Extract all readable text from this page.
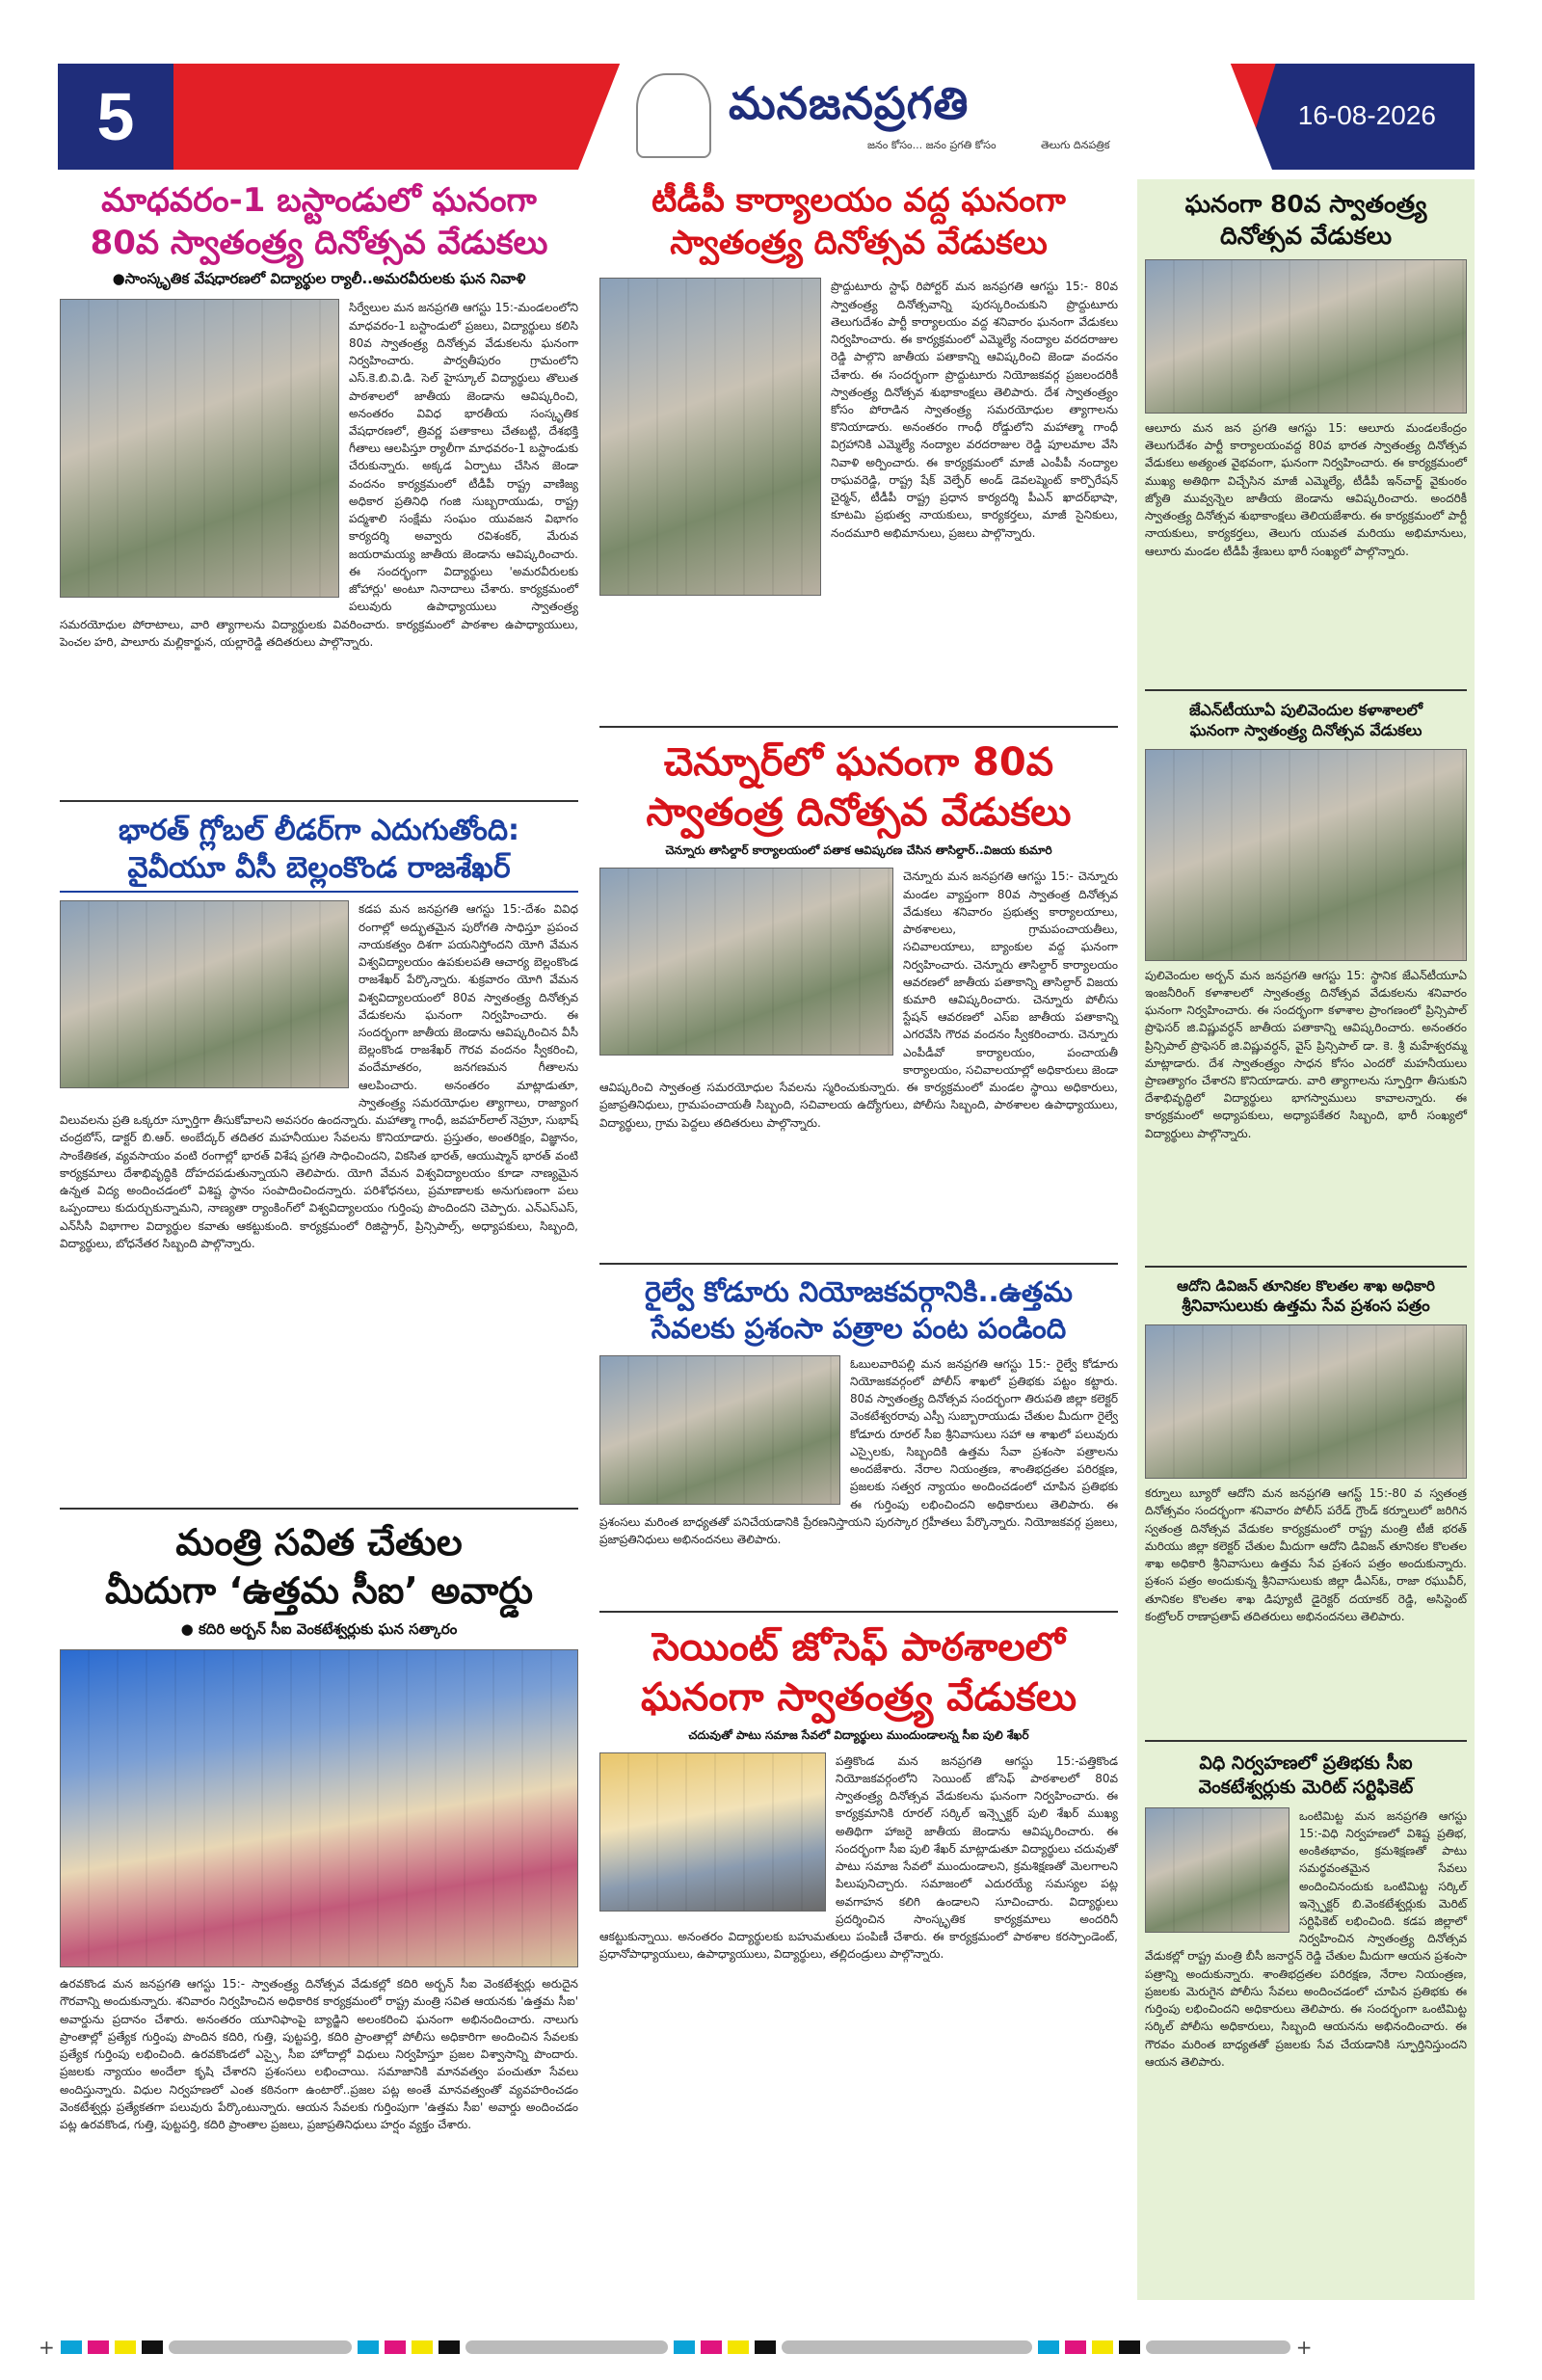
5	మనజనప్రగతి
జనం కోసం... జనం ప్రగతి కోసం	తెలుగు దినపత్రిక
16-08-2026
మాధవరం-1 బస్టాండులో ఘనంగా
80వ స్వాతంత్ర్య దినోత్సవ వేడుకలు
●సాంస్కృతిక వేషధారణలో విద్యార్థుల ర్యాలీ..అమరవీరులకు ఘన నివాళి
సిర్వేలుల మన జనప్రగతి ఆగస్టు 15:-మండలంలోని మాధవరం-1 బస్టాండులో ప్రజలు, విద్యార్థులు కలిసి 80వ స్వాతంత్ర్య దినోత్సవ వేడుకలను ఘనంగా నిర్వహించారు. పార్వతీపురం గ్రామంలోని ఎస్.కె.బి.వి.డి. సెల్ హైస్కూల్ విద్యార్థులు తొలుత పాఠశాలలో జాతీయ జెండాను ఆవిష్కరించి, అనంతరం వివిధ భారతీయ సంస్కృతిక వేషధారణలో, త్రివర్ణ పతాకాలు చేతబట్టి, దేశభక్తి గీతాలు ఆలపిస్తూ ర్యాలీగా మాధవరం-1 బస్టాండుకు చేరుకున్నారు. అక్కడ ఏర్పాటు చేసిన జెండా వందనం కార్యక్రమంలో టీడీపీ రాష్ట్ర వాణిజ్య అధికార ప్రతినిధి గంజి సుబ్బరాయుడు, రాష్ట్ర పద్మశాలి సంక్షేమ సంఘం యువజన విభాగం కార్యదర్శి అవ్వారు రవిశంకర్, మేరువ జయరామయ్య జాతీయ జెండాను ఆవిష్కరించారు. ఈ సందర్భంగా విద్యార్థులు 'అమరవీరులకు జోహార్లు' అంటూ నినాదాలు చేశారు. కార్యక్రమంలో పలువురు ఉపాధ్యాయులు స్వాతంత్ర్య సమరయోధుల పోరాటాలు, వారి త్యాగాలను విద్యార్థులకు వివరించారు. కార్యక్రమంలో పాఠశాల ఉపాధ్యాయులు, పెంచల హరి, పాలూరు మల్లికార్జున, యల్లారెడ్డి తదితరులు పాల్గొన్నారు.
భారత్ గ్లోబల్ లీడర్‌గా ఎదుగుతోంది:
వైవీయూ వీసీ బెల్లంకొండ రాజశేఖర్
కడప మన జనప్రగతి ఆగస్టు 15:-దేశం వివిధ రంగాల్లో అద్భుతమైన పురోగతి సాధిస్తూ ప్రపంచ నాయకత్వం దిశగా పయనిస్తోందని యోగి వేమన విశ్వవిద్యాలయం ఉపకులపతి ఆచార్య బెల్లంకొండ రాజశేఖర్ పేర్కొన్నారు. శుక్రవారం యోగి వేమన విశ్వవిద్యాలయంలో 80వ స్వాతంత్ర్య దినోత్సవ వేడుకలను ఘనంగా నిర్వహించారు. ఈ సందర్భంగా జాతీయ జెండాను ఆవిష్కరించిన వీసీ బెల్లంకొండ రాజశేఖర్ గౌరవ వందనం స్వీకరించి, వందేమాతరం, జనగణమన గీతాలను ఆలపించారు. అనంతరం మాట్లాడుతూ, స్వాతంత్ర్య సమరయోధుల త్యాగాలు, రాజ్యాంగ విలువలను ప్రతి ఒక్కరూ స్ఫూర్తిగా తీసుకోవాలని అవసరం ఉందన్నారు. మహాత్మా గాంధీ, జవహర్‌లాల్ నెహ్రూ, సుభాష్ చంద్రబోస్, డాక్టర్ బి.ఆర్. అంబేద్కర్ తదితర మహనీయుల సేవలను కొనియాడారు. ప్రస్తుతం, అంతరిక్షం, విజ్ఞానం, సాంకేతికత, వ్యవసాయం వంటి రంగాల్లో భారత్ విశేష ప్రగతి సాధించిందని, వికసిత భారత్, ఆయుష్మాన్ భారత్ వంటి కార్యక్రమాలు దేశాభివృద్ధికి దోహదపడుతున్నాయని తెలిపారు. యోగి వేమన విశ్వవిద్యాలయం కూడా నాణ్యమైన ఉన్నత విద్య అందించడంలో విశిష్ట స్థానం సంపాదించిందన్నారు. పరిశోధనలు, ప్రమాణాలకు అనుగుణంగా పలు ఒప్పందాలు కుదుర్చుకున్నామని, నాణ్యతా ర్యాంకింగ్‌లో విశ్వవిద్యాలయం గుర్తింపు పొందిందని చెప్పారు. ఎన్‌ఎస్‌ఎస్, ఎన్‌సీసీ విభాగాల విద్యార్థుల కవాతు ఆకట్టుకుంది. కార్యక్రమంలో రిజిస్ట్రార్, ప్రిన్సిపాల్స్, అధ్యాపకులు, సిబ్బంది, విద్యార్థులు, బోధనేతర సిబ్బంది పాల్గొన్నారు.
మంత్రి సవిత చేతుల
మీదుగా ‘ఉత్తమ సీఐ’ అవార్డు
● కదిరి అర్బన్ సీఐ వెంకటేశ్వర్లుకు ఘన సత్కారం
ఉరవకొండ మన జనప్రగతి ఆగస్టు 15:- స్వాతంత్ర్య దినోత్సవ వేడుకల్లో కదిరి అర్బన్ సీఐ వెంకటేశ్వర్లు అరుదైన గౌరవాన్ని అందుకున్నారు. శనివారం నిర్వహించిన అధికారిక కార్యక్రమంలో రాష్ట్ర మంత్రి సవిత ఆయనకు 'ఉత్తమ సీఐ' అవార్డును ప్రదానం చేశారు. అనంతరం యూనిఫాంపై బ్యాడ్జిని అలంకరించి ఘనంగా అభినందించారు. నాలుగు ప్రాంతాల్లో ప్రత్యేక గుర్తింపు పొందిన కదిరి, గుత్తి, పుట్టపర్తి, కదిరి ప్రాంతాల్లో పోలీసు అధికారిగా అందించిన సేవలకు ప్రత్యేక గుర్తింపు లభించింది. ఉరవకొండలో ఎస్సై, సీఐ హోదాల్లో విధులు నిర్వహిస్తూ ప్రజల విశ్వాసాన్ని పొందారు. ప్రజలకు న్యాయం అందేలా కృషి చేశారని ప్రశంసలు లభించాయి. సమాజానికి మానవత్వం పంచుతూ సేవలు అందిస్తున్నారు. విధుల నిర్వహణలో ఎంత కఠినంగా ఉంటారో..ప్రజల పట్ల అంతే మానవత్వంతో వ్యవహరించడం వెంకటేశ్వర్లు ప్రత్యేకతగా పలువురు పేర్కొంటున్నారు. ఆయన సేవలకు గుర్తింపుగా 'ఉత్తమ సీఐ' అవార్డు అందించడం పట్ల ఉరవకొండ, గుత్తి, పుట్టపర్తి, కదిరి ప్రాంతాల ప్రజలు, ప్రజాప్రతినిధులు హర్షం వ్యక్తం చేశారు.
టీడీపీ కార్యాలయం వద్ద ఘనంగా
స్వాతంత్ర్య దినోత్సవ వేడుకలు
ప్రొద్దుటూరు స్టాఫ్ రిపోర్టర్ మన జనప్రగతి ఆగస్టు 15:- 80వ స్వాతంత్ర్య దినోత్సవాన్ని పురస్కరించుకుని ప్రొద్దుటూరు తెలుగుదేశం పార్టీ కార్యాలయం వద్ద శనివారం ఘనంగా వేడుకలు నిర్వహించారు. ఈ కార్యక్రమంలో ఎమ్మెల్యే నంద్యాల వరదరాజుల రెడ్డి పాల్గొని జాతీయ పతాకాన్ని ఆవిష్కరించి జెండా వందనం చేశారు. ఈ సందర్భంగా ప్రొద్దుటూరు నియోజకవర్గ ప్రజలందరికీ స్వాతంత్ర్య దినోత్సవ శుభాకాంక్షలు తెలిపారు. దేశ స్వాతంత్ర్యం కోసం పోరాడిన స్వాతంత్ర్య సమరయోధుల త్యాగాలను కొనియాడారు. అనంతరం గాంధీ రోడ్డులోని మహాత్మా గాంధీ విగ్రహానికి ఎమ్మెల్యే నంద్యాల వరదరాజుల రెడ్డి పూలమాల వేసి నివాళి అర్పించారు. ఈ కార్యక్రమంలో మాజీ ఎంపీపీ నంద్యాల రాఘవరెడ్డి, రాష్ట్ర షేక్ వెల్ఫేర్ అండ్ డెవలప్మెంట్ కార్పొరేషన్ చైర్మన్, టీడీపీ రాష్ట్ర ప్రధాన కార్యదర్శి పీఎన్ ఖాదర్‌భాషా, కూటమి ప్రభుత్వ నాయకులు, కార్యకర్తలు, మాజీ సైనికులు, నందమూరి అభిమానులు, ప్రజలు పాల్గొన్నారు.
చెన్నూర్‌లో ఘనంగా 80వ
స్వాతంత్ర దినోత్సవ వేడుకలు
చెన్నూరు తాసిల్దార్ కార్యాలయంలో పతాక ఆవిష్కరణ చేసిన తాసిల్దార్..విజయ కుమారి
చెన్నూరు మన జనప్రగతి ఆగస్టు 15:- చెన్నూరు మండల వ్యాప్తంగా 80వ స్వాతంత్ర దినోత్సవ వేడుకలు శనివారం ప్రభుత్వ కార్యాలయాలు, పాఠశాలలు, గ్రామపంచాయతీలు, సచివాలయాలు, బ్యాంకుల వద్ద ఘనంగా నిర్వహించారు. చెన్నూరు తాసిల్దార్ కార్యాలయం ఆవరణలో జాతీయ పతాకాన్ని తాసిల్దార్ విజయ కుమారి ఆవిష్కరించారు. చెన్నూరు పోలీసు స్టేషన్ ఆవరణలో ఎస్ఐ జాతీయ పతాకాన్ని ఎగరవేసి గౌరవ వందనం స్వీకరించారు. చెన్నూరు ఎంపీడీవో కార్యాలయం, పంచాయతీ కార్యాలయం, సచివాలయాల్లో అధికారులు జెండా ఆవిష్కరించి స్వాతంత్ర సమరయోధుల సేవలను స్మరించుకున్నారు. ఈ కార్యక్రమంలో మండల స్థాయి అధికారులు, ప్రజాప్రతినిధులు, గ్రామపంచాయతీ సిబ్బంది, సచివాలయ ఉద్యోగులు, పోలీసు సిబ్బంది, పాఠశాలల ఉపాధ్యాయులు, విద్యార్థులు, గ్రామ పెద్దలు తదితరులు పాల్గొన్నారు.
రైల్వే కోడూరు నియోజకవర్గానికి..ఉత్తమ
సేవలకు ప్రశంసా పత్రాల పంట పండింది
ఓబులవారిపల్లి మన జనప్రగతి ఆగస్టు 15:- రైల్వే కోడూరు నియోజకవర్గంలో పోలీస్ శాఖలో ప్రతిభకు పట్టం కట్టారు. 80వ స్వాతంత్ర్య దినోత్సవ సందర్భంగా తిరుపతి జిల్లా కలెక్టర్ వెంకటేశ్వరరావు ఎస్పీ సుబ్బారాయుడు చేతుల మీదుగా రైల్వే కోడూరు రూరల్ సీఐ శ్రీనివాసులు సహా ఆ శాఖలో పలువురు ఎస్సైలకు, సిబ్బందికి ఉత్తమ సేవా ప్రశంసా పత్రాలను అందజేశారు. నేరాల నియంత్రణ, శాంతిభద్రతల పరిరక్షణ, ప్రజలకు సత్వర న్యాయం అందించడంలో చూపిన ప్రతిభకు ఈ గుర్తింపు లభించిందని అధికారులు తెలిపారు. ఈ ప్రశంసలు మరింత బాధ్యతతో పనిచేయడానికి ప్రేరణనిస్తాయని పురస్కార గ్రహీతలు పేర్కొన్నారు. నియోజకవర్గ ప్రజలు, ప్రజాప్రతినిధులు అభినందనలు తెలిపారు.
సెయింట్ జోసెఫ్ పాఠశాలలో
ఘనంగా స్వాతంత్ర్య వేడుకలు
చదువుతో పాటు సమాజ సేవలో విద్యార్థులు ముందుండాలన్న సీఐ పులి శేఖర్
పత్తికొండ మన జనప్రగతి ఆగస్టు 15:-పత్తికొండ నియోజకవర్గంలోని సెయింట్ జోసెఫ్ పాఠశాలలో 80వ స్వాతంత్ర్య దినోత్సవ వేడుకలను ఘనంగా నిర్వహించారు. ఈ కార్యక్రమానికి రూరల్ సర్కిల్ ఇన్స్పెక్టర్ పులి శేఖర్ ముఖ్య అతిథిగా హాజరై జాతీయ జెండాను ఆవిష్కరించారు. ఈ సందర్భంగా సీఐ పులి శేఖర్ మాట్లాడుతూ విద్యార్థులు చదువుతో పాటు సమాజ సేవలో ముందుండాలని, క్రమశిక్షణతో మెలగాలని పిలుపునిచ్చారు. సమాజంలో ఎదురయ్యే సమస్యల పట్ల అవగాహన కలిగి ఉండాలని సూచించారు. విద్యార్థులు ప్రదర్శించిన సాంస్కృతిక కార్యక్రమాలు అందరినీ ఆకట్టుకున్నాయి. అనంతరం విద్యార్థులకు బహుమతులు పంపిణీ చేశారు. ఈ కార్యక్రమంలో పాఠశాల కరస్పాండెంట్, ప్రధానోపాధ్యాయులు, ఉపాధ్యాయులు, విద్యార్థులు, తల్లిదండ్రులు పాల్గొన్నారు.
ఘనంగా 80వ స్వాతంత్ర్య
దినోత్సవ వేడుకలు
ఆలూరు మన జన ప్రగతి ఆగస్టు 15: ఆలూరు మండలకేంద్రం తెలుగుదేశం పార్టీ కార్యాలయంవద్ద 80వ భారత స్వాతంత్ర్య దినోత్సవ వేడుకలు అత్యంత వైభవంగా, ఘనంగా నిర్వహించారు. ఈ కార్యక్రమంలో ముఖ్య అతిథిగా విచ్చేసిన మాజీ ఎమ్మెల్యే, టీడీపీ ఇన్‌చార్జ్ వైకుంఠం జ్యోతి మువ్వన్నెల జాతీయ జెండాను ఆవిష్కరించారు. అందరికీ స్వాతంత్ర్య దినోత్సవ శుభాకాంక్షలు తెలియజేశారు. ఈ కార్యక్రమంలో పార్టీ నాయకులు, కార్యకర్తలు, తెలుగు యువత మరియు అభిమానులు, ఆలూరు మండల టీడీపీ శ్రేణులు భారీ సంఖ్యలో పాల్గొన్నారు.
జేఎన్‌టీయూఏ పులివెందుల కళాశాలలో
ఘనంగా స్వాతంత్ర్య దినోత్సవ వేడుకలు
పులివెందుల అర్బన్ మన జనప్రగతి ఆగస్టు 15: స్థానిక జేఎన్‌టీయూఏ ఇంజనీరింగ్ కళాశాలలో స్వాతంత్ర్య దినోత్సవ వేడుకలను శనివారం ఘనంగా నిర్వహించారు. ఈ సందర్భంగా కళాశాల ప్రాంగణంలో ప్రిన్సిపాల్ ప్రొఫెసర్ జి.విష్ణువర్ధన్ జాతీయ పతాకాన్ని ఆవిష్కరించారు. అనంతరం ప్రిన్సిపాల్ ప్రొఫెసర్ జి.విష్ణువర్ధన్, వైస్ ప్రిన్సిపాల్ డా. కె. శ్రీ మహేశ్వరమ్మ మాట్లాడారు. దేశ స్వాతంత్ర్యం సాధన కోసం ఎందరో మహనీయులు ప్రాణత్యాగం చేశారని కొనియాడారు. వారి త్యాగాలను స్ఫూర్తిగా తీసుకుని దేశాభివృద్ధిలో విద్యార్థులు భాగస్వాములు కావాలన్నారు. ఈ కార్యక్రమంలో అధ్యాపకులు, అధ్యాపకేతర సిబ్బంది, భారీ సంఖ్యలో విద్యార్థులు పాల్గొన్నారు.
ఆదోని డివిజన్ తూనికల కొలతల శాఖ అధికారి
శ్రీనివాసులుకు ఉత్తమ సేవ ప్రశంస పత్రం
కర్నూలు బ్యూరో ఆదోని మన జనప్రగతి ఆగస్ట్ 15:-80 వ స్వతంత్ర దినోత్సవం సందర్భంగా శనివారం పోలీస్ పరేడ్ గ్రౌండ్ కర్నూలులో జరిగిన స్వతంత్ర దినోత్సవ వేడుకల కార్యక్రమంలో రాష్ట్ర మంత్రి టీజీ భరత్ మరియు జిల్లా కలెక్టర్ చేతుల మీదుగా ఆదోని డివిజన్ తూనికల కొలతల శాఖ అధికారి శ్రీనివాసులు ఉత్తమ సేవ ప్రశంస పత్రం అందుకున్నారు. ప్రశంస పత్రం అందుకున్న శ్రీనివాసులుకు జిల్లా డీఎస్‌ఓ, రాజా రఘువీర్, తూనికల కొలతల శాఖ డిప్యూటీ డైరెక్టర్ దయాకర్ రెడ్డి, అసిస్టెంట్ కంట్రోలర్ రాణాప్రతాప్ తదితరులు అభినందనలు తెలిపారు.
విధి నిర్వహణలో ప్రతిభకు సీఐ
వెంకటేశ్వర్లుకు మెరిట్ సర్టిఫికెట్
ఒంటిమిట్ట మన జనప్రగతి ఆగస్టు 15:-విధి నిర్వహణలో విశిష్ట ప్రతిభ, అంకితభావం, క్రమశిక్షణతో పాటు సమర్థవంతమైన సేవలు అందించినందుకు ఒంటిమిట్ట సర్కిల్ ఇన్స్పెక్టర్ బి.వెంకటేశ్వర్లుకు మెరిట్ సర్టిఫికెట్ లభించింది. కడప జిల్లాలో నిర్వహించిన స్వాతంత్ర్య దినోత్సవ వేడుకల్లో రాష్ట్ర మంత్రి బీసీ జనార్దన్ రెడ్డి చేతుల మీదుగా ఆయన ప్రశంసా పత్రాన్ని అందుకున్నారు. శాంతిభద్రతల పరిరక్షణ, నేరాల నియంత్రణ, ప్రజలకు మెరుగైన పోలీసు సేవలు అందించడంలో చూపిన ప్రతిభకు ఈ గుర్తింపు లభించిందని అధికారులు తెలిపారు. ఈ సందర్భంగా ఒంటిమిట్ట సర్కిల్ పోలీసు అధికారులు, సిబ్బంది ఆయనను అభినందించారు. ఈ గౌరవం మరింత బాధ్యతతో ప్రజలకు సేవ చేయడానికి స్ఫూర్తినిస్తుందని ఆయన తెలిపారు.
+	+
